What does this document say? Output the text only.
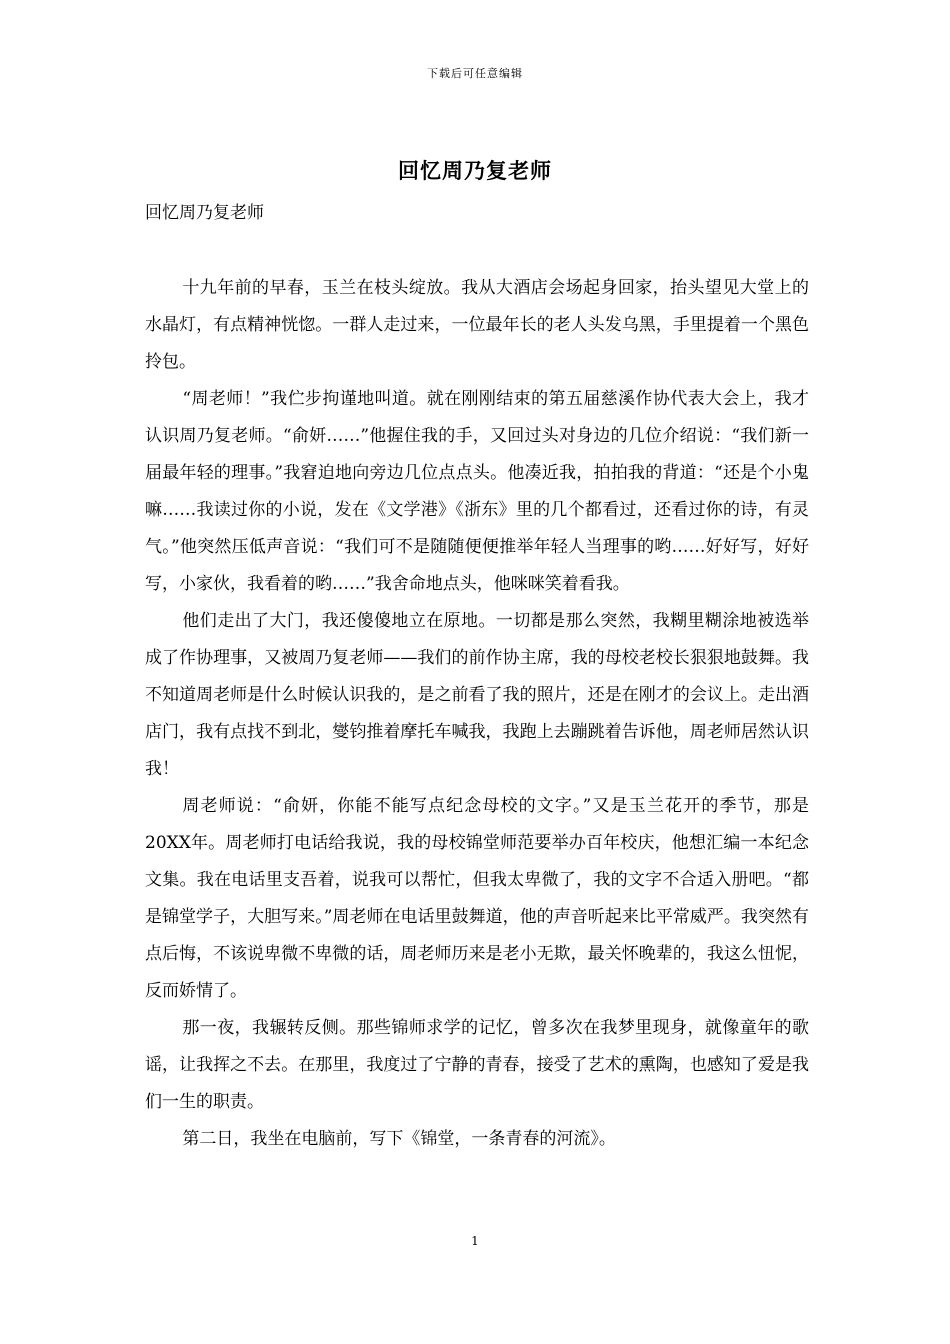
下载后可任意编辑
回忆周乃复老师
回忆周乃复老师

十九年前的早春，玉兰在枝头绽放。我从大酒店会场起身回家，抬头望见大堂上的水晶灯，有点精神恍惚。一群人走过来，一位最年长的老人头发乌黑，手里提着一个黑色拎包。

“周老师！”我伫步拘谨地叫道。就在刚刚结束的第五届慈溪作协代表大会上，我才认识周乃复老师。“俞妍……”他握住我的手，又回过头对身边的几位介绍说：“我们新一届最年轻的理事。”我窘迫地向旁边几位点点头。他凑近我，拍拍我的背道：“还是个小鬼嘛……我读过你的小说，发在《文学港》《浙东》里的几个都看过，还看过你的诗，有灵气。”他突然压低声音说：“我们可不是随随便便推举年轻人当理事的哟……好好写，好好写，小家伙，我看着的哟……”我舍命地点头，他咪咪笑着看我。

他们走出了大门，我还傻傻地立在原地。一切都是那么突然，我糊里糊涂地被选举成了作协理事，又被周乃复老师——我们的前作协主席，我的母校老校长狠狠地鼓舞。我不知道周老师是什么时候认识我的，是之前看了我的照片，还是在刚才的会议上。走出酒店门，我有点找不到北，燮钧推着摩托车喊我，我跑上去蹦跳着告诉他，周老师居然认识我！

周老师说：“俞妍，你能不能写点纪念母校的文字。”又是玉兰花开的季节，那是20XX年。周老师打电话给我说，我的母校锦堂师范要举办百年校庆，他想汇编一本纪念文集。我在电话里支吾着，说我可以帮忙，但我太卑微了，我的文字不合适入册吧。“都是锦堂学子，大胆写来。”周老师在电话里鼓舞道，他的声音听起来比平常威严。我突然有点后悔，不该说卑微不卑微的话，周老师历来是老小无欺，最关怀晚辈的，我这么忸怩，反而娇情了。

那一夜，我辗转反侧。那些锦师求学的记忆，曾多次在我梦里现身，就像童年的歌谣，让我挥之不去。在那里，我度过了宁静的青春，接受了艺术的熏陶，也感知了爱是我们一生的职责。

第二日，我坐在电脑前，写下《锦堂，一条青春的河流》。

1
